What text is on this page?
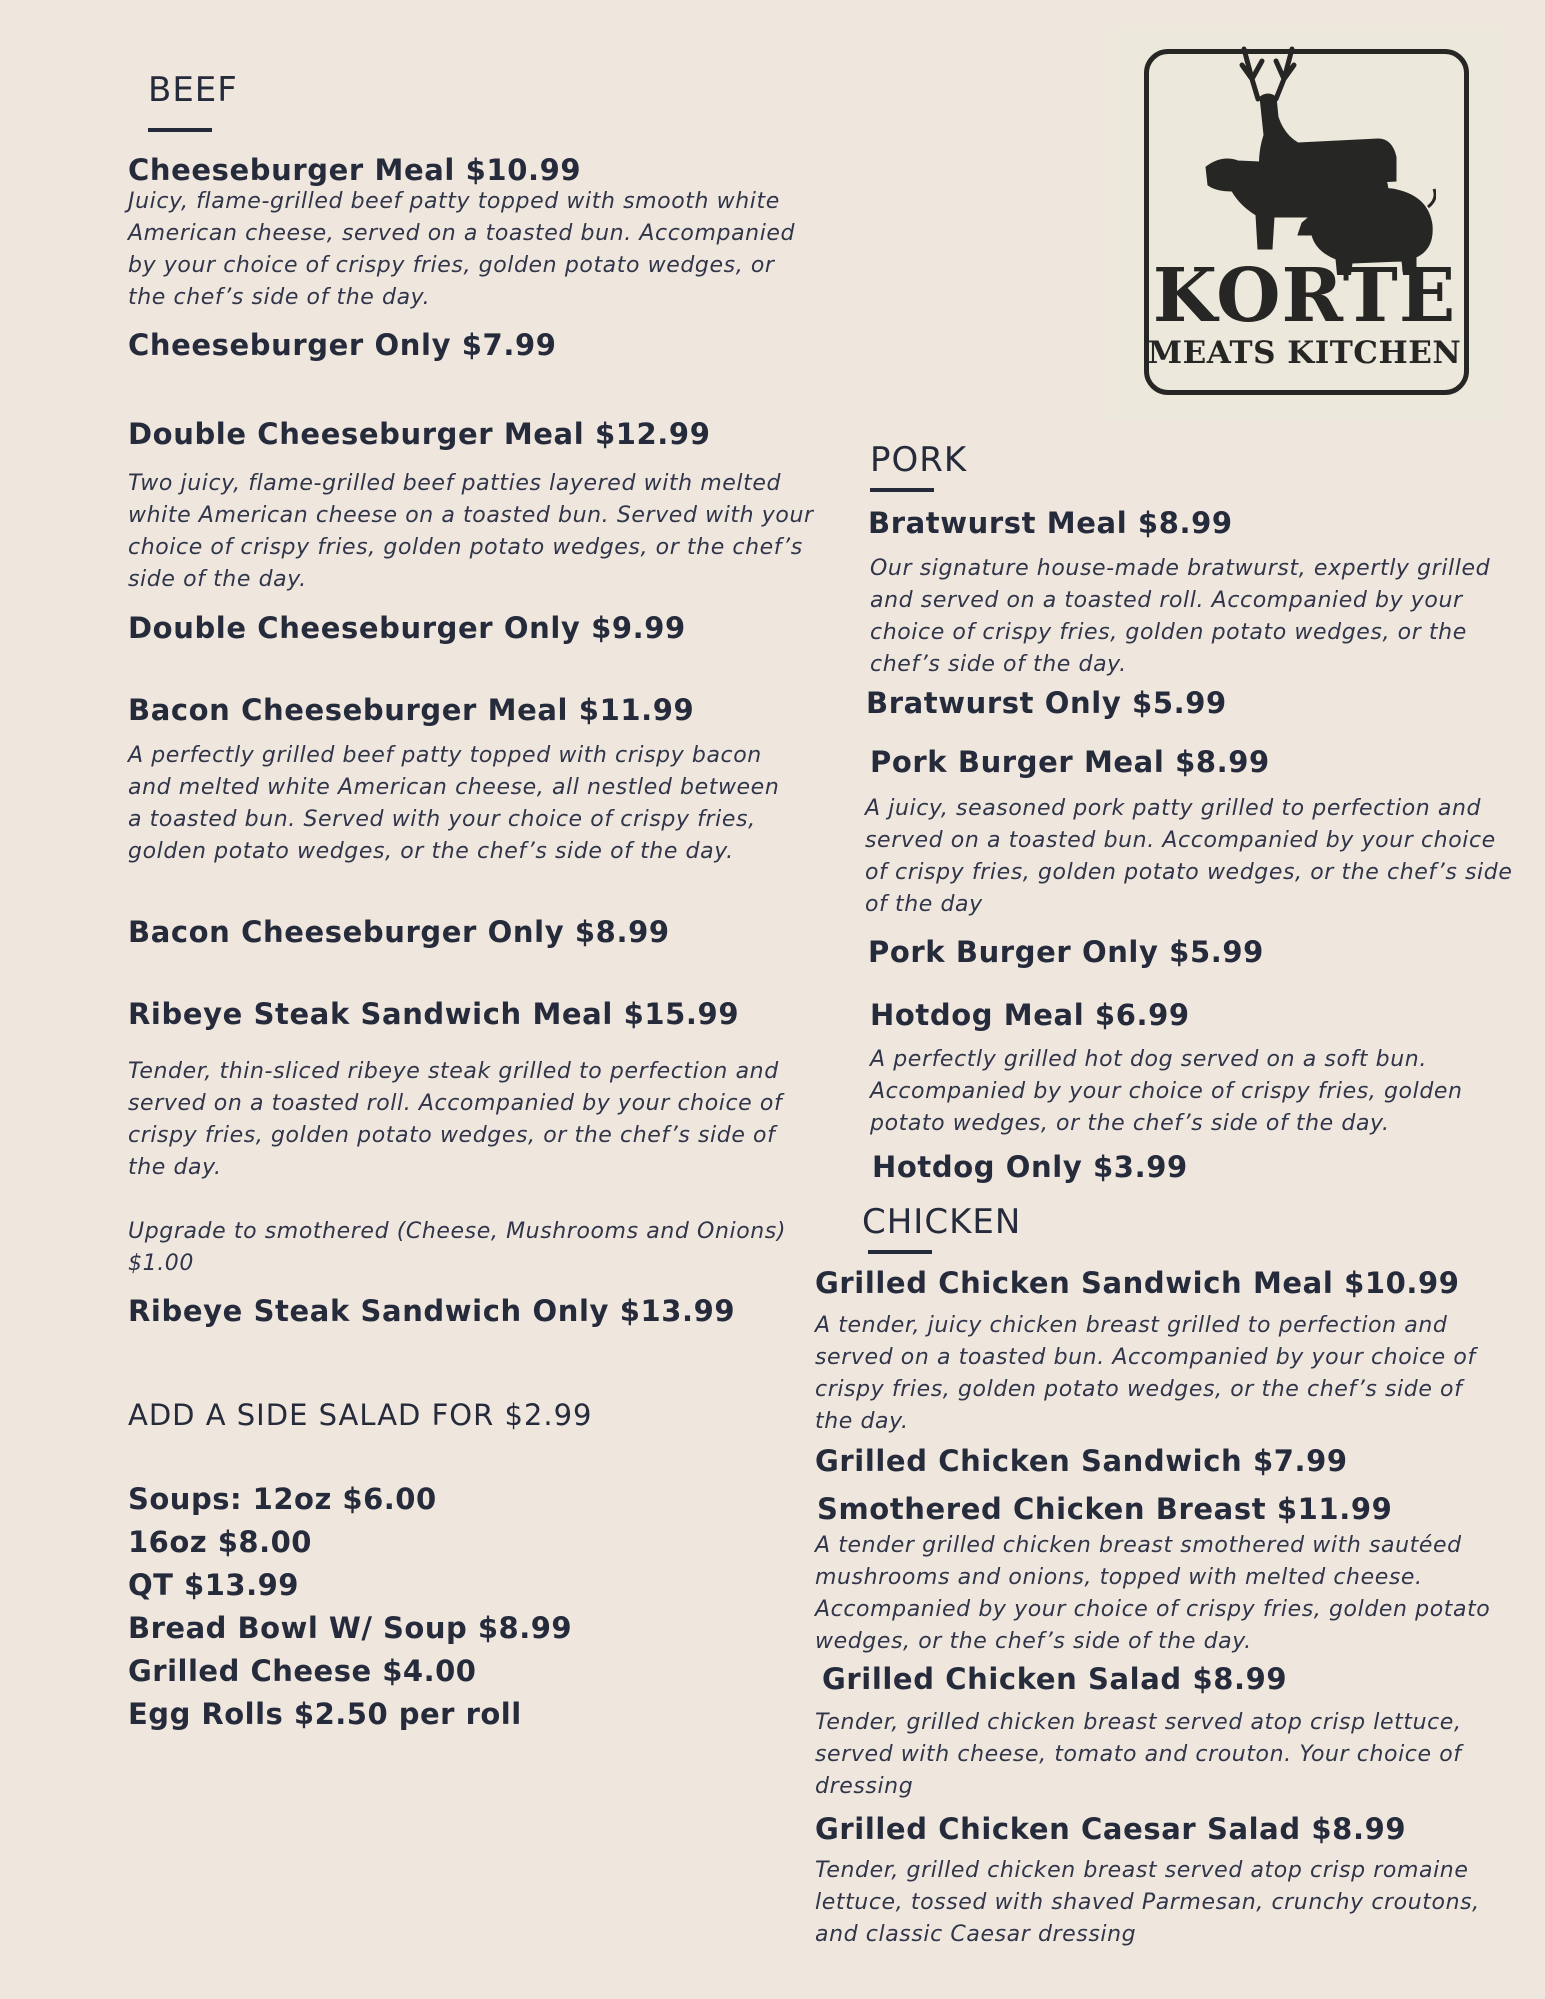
KORTE
MEATS KITCHEN
BEEF
Cheeseburger Meal $10.99

Juicy, flame-grilled beef patty topped with smooth white American cheese, served on a toasted bun. Accompanied by your choice of crispy fries, golden potato wedges, or the chef’s side of the day.

Cheeseburger Only $7.99
Double Cheeseburger Meal $12.99

Two juicy, flame-grilled beef patties layered with melted white American cheese on a toasted bun. Served with your choice of crispy fries, golden potato wedges, or the chef’s side of the day.

Double Cheeseburger Only $9.99
Bacon Cheeseburger Meal $11.99

A perfectly grilled beef patty topped with crispy bacon and melted white American cheese, all nestled between a toasted bun. Served with your choice of crispy fries, golden potato wedges, or the chef’s side of the day.

Bacon Cheeseburger Only $8.99
Ribeye Steak Sandwich Meal $15.99

Tender, thin-sliced ribeye steak grilled to perfection and served on a toasted roll. Accompanied by your choice of crispy fries, golden potato wedges, or the chef’s side of the day.

Upgrade to smothered (Cheese, Mushrooms and Onions) $1.00

Ribeye Steak Sandwich Only $13.99
ADD A SIDE SALAD FOR $2.99
Soups: 12oz $6.00
16oz $8.00
QT $13.99
Bread Bowl W/ Soup $8.99
Grilled Cheese $4.00
Egg Rolls $2.50 per roll
PORK
Bratwurst Meal $8.99

Our signature house-made bratwurst, expertly grilled and served on a toasted roll. Accompanied by your choice of crispy fries, golden potato wedges, or the chef’s side of the day.

Bratwurst Only $5.99
Pork Burger Meal $8.99

A juicy, seasoned pork patty grilled to perfection and served on a toasted bun. Accompanied by your choice of crispy fries, golden potato wedges, or the chef’s side of the day

Pork Burger Only $5.99
Hotdog Meal $6.99

A perfectly grilled hot dog served on a soft bun. Accompanied by your choice of crispy fries, golden potato wedges, or the chef’s side of the day.

Hotdog Only $3.99
CHICKEN
Grilled Chicken Sandwich Meal $10.99

A tender, juicy chicken breast grilled to perfection and served on a toasted bun. Accompanied by your choice of crispy fries, golden potato wedges, or the chef’s side of the day.

Grilled Chicken Sandwich $7.99
Smothered Chicken Breast $11.99

A tender grilled chicken breast smothered with sautéed mushrooms and onions, topped with melted cheese. Accompanied by your choice of crispy fries, golden potato wedges, or the chef’s side of the day.

Grilled Chicken Salad $8.99

Tender, grilled chicken breast served atop crisp lettuce, served with cheese, tomato and crouton. Your choice of dressing

Grilled Chicken Caesar Salad $8.99

Tender, grilled chicken breast served atop crisp romaine lettuce, tossed with shaved Parmesan, crunchy croutons, and classic Caesar dressing
